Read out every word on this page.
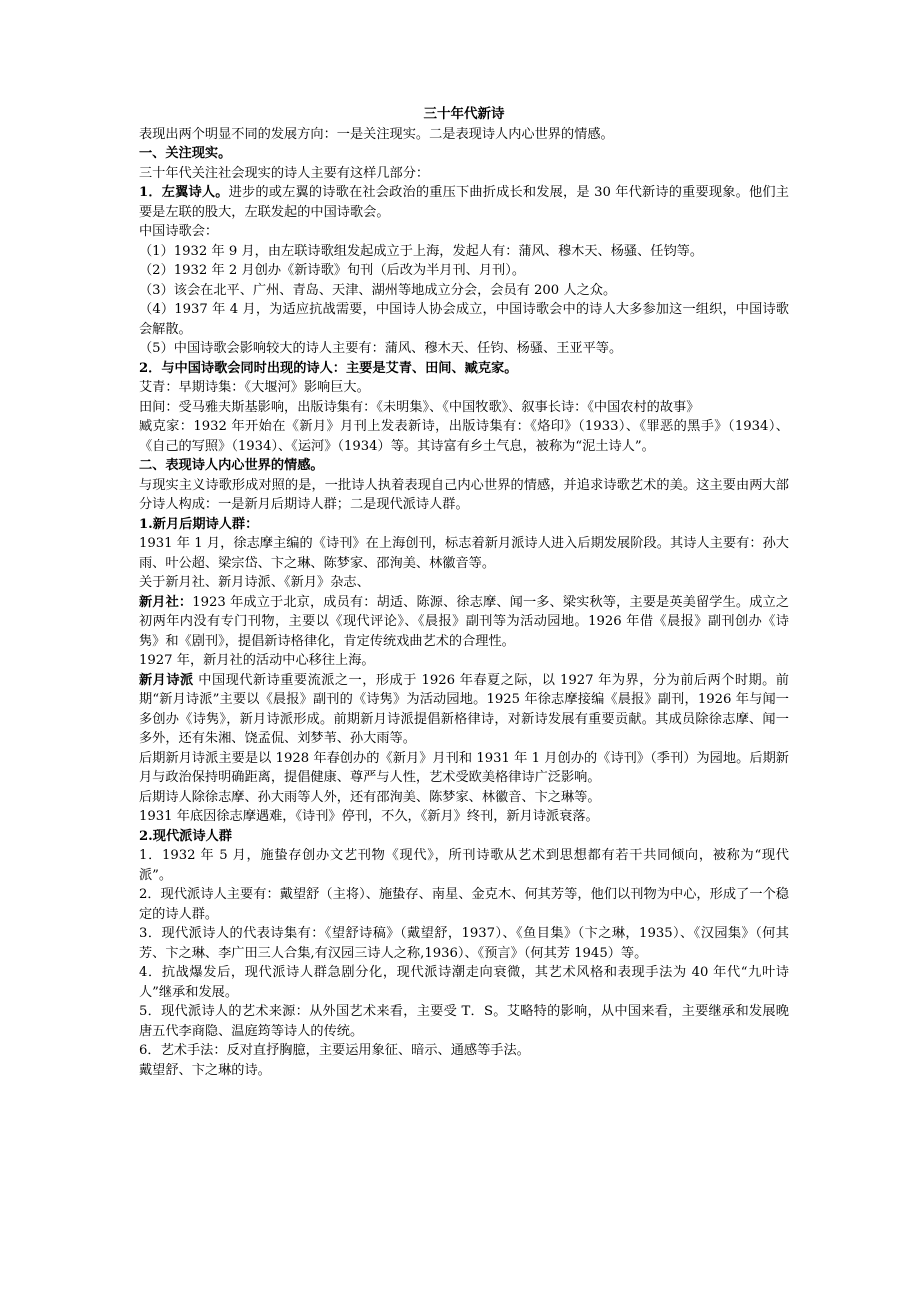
三十年代新诗

表现出两个明显不同的发展方向：一是关注现实。二是表现诗人内心世界的情感。

一、关注现实。

三十年代关注社会现实的诗人主要有这样几部分：

1．左翼诗人。进步的或左翼的诗歌在社会政治的重压下曲折成长和发展，是 30 年代新诗的重要现象。他们主要是左联的股大，左联发起的中国诗歌会。

中国诗歌会：

（1）1932 年 9 月，由左联诗歌组发起成立于上海，发起人有：蒲风、穆木天、杨骚、任钧等。

（2）1932 年 2 月创办《新诗歌》旬刊（后改为半月刊、月刊）。

（3）该会在北平、广州、青岛、天津、湖州等地成立分会，会员有 200 人之众。

（4）1937 年 4 月，为适应抗战需要，中国诗人协会成立，中国诗歌会中的诗人大多参加这一组织，中国诗歌会解散。

（5）中国诗歌会影响较大的诗人主要有：蒲风、穆木天、任钧、杨骚、王亚平等。

2．与中国诗歌会同时出现的诗人：主要是艾青、田间、臧克家。

艾青：早期诗集：《大堰河》影响巨大。

田间：受马雅夫斯基影响，出版诗集有：《未明集》、《中国牧歌》、叙事长诗：《中国农村的故事》

臧克家：1932 年开始在《新月》月刊上发表新诗，出版诗集有：《烙印》（1933）、《罪恶的黑手》（1934）、《自己的写照》（1934）、《运河》（1934）等。其诗富有乡土气息，被称为“泥土诗人”。

二、表现诗人内心世界的情感。

与现实主义诗歌形成对照的是，一批诗人执着表现自己内心世界的情感，并追求诗歌艺术的美。这主要由两大部分诗人构成：一是新月后期诗人群；二是现代派诗人群。

1.新月后期诗人群：

1931 年 1 月，徐志摩主编的《诗刊》在上海创刊，标志着新月派诗人进入后期发展阶段。其诗人主要有：孙大雨、叶公超、梁宗岱、卞之琳、陈梦家、邵洵美、林徽音等。

关于新月社、新月诗派、《新月》杂志、

新月社：1923 年成立于北京，成员有：胡适、陈源、徐志摩、闻一多、梁实秋等，主要是英美留学生。成立之初两年内没有专门刊物，主要以《现代评论》、《晨报》副刊等为活动园地。1926 年借《晨报》副刊创办《诗隽》和《剧刊》，提倡新诗格律化，肯定传统戏曲艺术的合理性。

1927 年，新月社的活动中心移往上海。

新月诗派 中国现代新诗重要流派之一，形成于 1926 年春夏之际，以 1927 年为界，分为前后两个时期。前期“新月诗派”主要以《晨报》副刊的《诗隽》为活动园地。1925 年徐志摩接编《晨报》副刊，1926 年与闻一多创办《诗隽》，新月诗派形成。前期新月诗派提倡新格律诗，对新诗发展有重要贡献。其成员除徐志摩、闻一多外，还有朱湘、饶孟侃、刘梦苇、孙大雨等。

后期新月诗派主要是以 1928 年春创办的《新月》月刊和 1931 年 1 月创办的《诗刊》（季刊）为园地。后期新月与政治保持明确距离，提倡健康、尊严与人性，艺术受欧美格律诗广泛影响。

后期诗人除徐志摩、孙大雨等人外，还有邵洵美、陈梦家、林徽音、卞之琳等。

1931 年底因徐志摩遇难，《诗刊》停刊，不久，《新月》终刊，新月诗派衰落。

2.现代派诗人群

1．1932 年 5 月，施蛰存创办文艺刊物《现代》，所刊诗歌从艺术到思想都有若干共同倾向，被称为“现代派”。

2．现代派诗人主要有：戴望舒（主将）、施蛰存、南星、金克木、何其芳等，他们以刊物为中心，形成了一个稳定的诗人群。

3．现代派诗人的代表诗集有：《望舒诗稿》（戴望舒，1937）、《鱼目集》（卞之琳，1935）、《汉园集》（何其芳、卞之琳、李广田三人合集,有汉园三诗人之称,1936）、《预言》（何其芳 1945）等。

4．抗战爆发后，现代派诗人群急剧分化，现代派诗潮走向衰微，其艺术风格和表现手法为 40 年代“九叶诗人”继承和发展。

5．现代派诗人的艺术来源：从外国艺术来看，主要受 T．S。艾略特的影响，从中国来看，主要继承和发展晚唐五代李商隐、温庭筠等诗人的传统。

6．艺术手法：反对直抒胸臆，主要运用象征、暗示、通感等手法。

戴望舒、卞之琳的诗。
